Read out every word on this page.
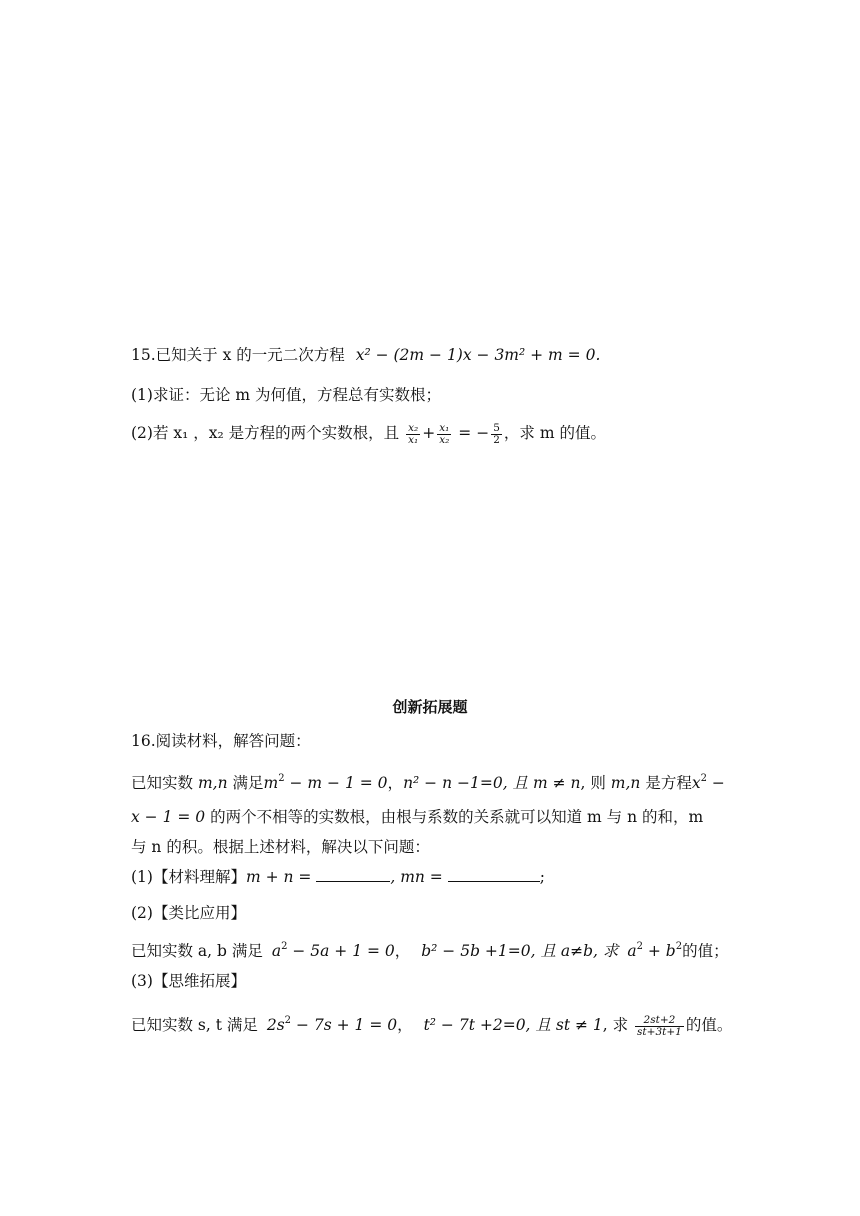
15.已知关于 x 的一元二次方程 x² − (2m − 1)x − 3m² + m = 0.
(1)求证：无论 m 为何值，方程总有实数根；
(2)若 x₁ ，x₂ 是方程的两个实数根，且 $\frac{\text{x₂}}{\text{x₁}} + \frac{\text{x₁}}{\text{x₂}}$ = − $\frac{5}{2}$ ，求 m 的值。
创新拓展题
16.阅读材料，解答问题：
已知实数 m,n 满足$m^2 - m - 1 = 0$，n² − n −1=0, 且 m ≠ n, 则 m,n 是方程$x^2$ −
x − 1 = 0 的两个不相等的实数根，由根与系数的关系就可以知道 m 与 n 的和，m
与 n 的积。根据上述材料，解决以下问题：
(1)【材料理解】m + n =	, mn =	;
(2)【类比应用】
已知实数 a, b 满足 $a^2 - 5a + 1 = 0$， b² − 5b +1=0, 且 a≠b, 求 $a^2 + b^2$的值；
(3)【思维拓展】
已知实数 s, t 满足 $2s^2 - 7s + 1 = 0$， t² − 7t +2=0, 且 st ≠ 1, 求 $\frac{2st+2}{st+3t+1}$ 的值。
